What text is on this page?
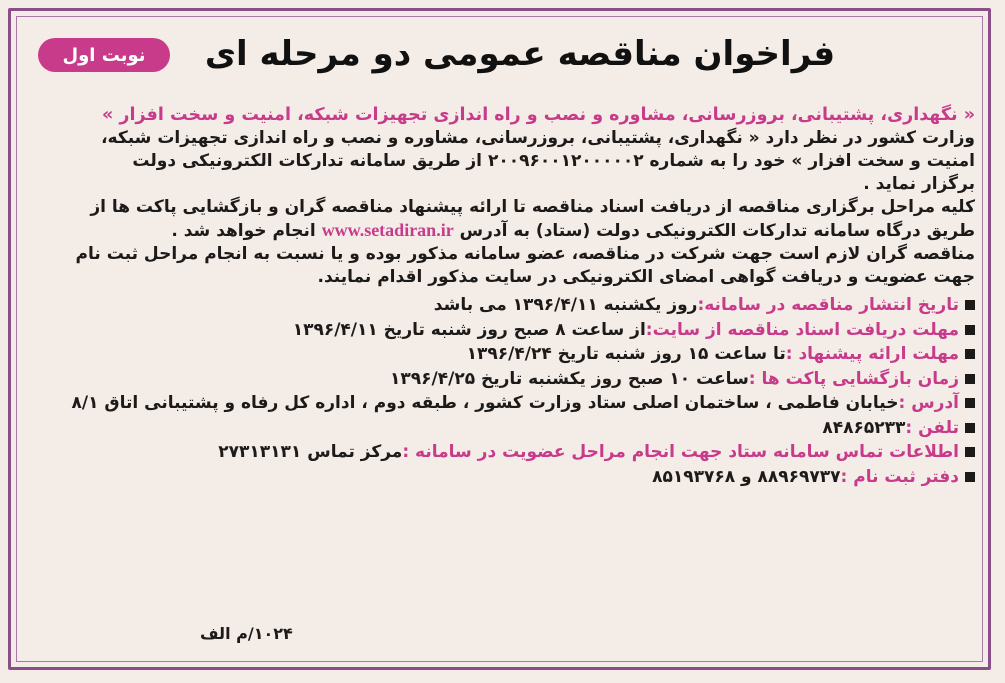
نوبت اول	فراخوان مناقصه عمومی دو مرحله ای
« نگهداری، پشتیبانی، بروزرسانی، مشاوره و نصب و راه اندازی تجهیزات شبکه، امنیت و سخت افزار »
وزارت کشور در نظر دارد « نگهداری، پشتیبانی، بروزرسانی، مشاوره و نصب و راه اندازی تجهیزات شبکه،
امنیت و سخت افزار » خود را به شماره ۲۰۰۹۶۰۰۱۲۰۰۰۰۰۲ از طریق سامانه تدارکات الکترونیکی دولت
برگزار نماید .
کلیه مراحل برگزاری مناقصه از دریافت اسناد مناقصه تا ارائه پیشنهاد مناقصه گران و بازگشایی پاکت ها از
طریق درگاه سامانه تدارکات الکترونیکی دولت (ستاد) به آدرس www.setadiran.ir انجام خواهد شد .
مناقصه گران لازم است جهت شرکت در مناقصه، عضو سامانه مذکور بوده و یا نسبت به انجام مراحل ثبت نام
جهت عضویت و دریافت گواهی امضای الکترونیکی در سایت مذکور اقدام نمایند.
تاریخ انتشار مناقصه در سامانه:
روز یکشنبه ۱۳۹۶/۴/۱۱ می باشد
مهلت دریافت اسناد مناقصه از سایت:
از ساعت ۸ صبح روز شنبه تاریخ ۱۳۹۶/۴/۱۱
مهلت ارائه پیشنهاد :
تا ساعت ۱۵ روز شنبه تاریخ ۱۳۹۶/۴/۲۴
زمان بازگشایی پاکت ها :
ساعت ۱۰ صبح روز یکشنبه تاریخ ۱۳۹۶/۴/۲۵
آدرس :
خیابان فاطمی ، ساختمان اصلی ستاد وزارت کشور ، طبقه دوم ، اداره کل رفاه و پشتیبانی اتاق ۸/۱
تلفن :
۸۴۸۶۵۲۳۳
اطلاعات تماس سامانه ستاد جهت انجام مراحل عضویت در سامانه :
مرکز تماس ۲۷۳۱۳۱۳۱
دفتر ثبت نام :
۸۸۹۶۹۷۳۷ و ۸۵۱۹۳۷۶۸
۱۰۲۴/م الف
